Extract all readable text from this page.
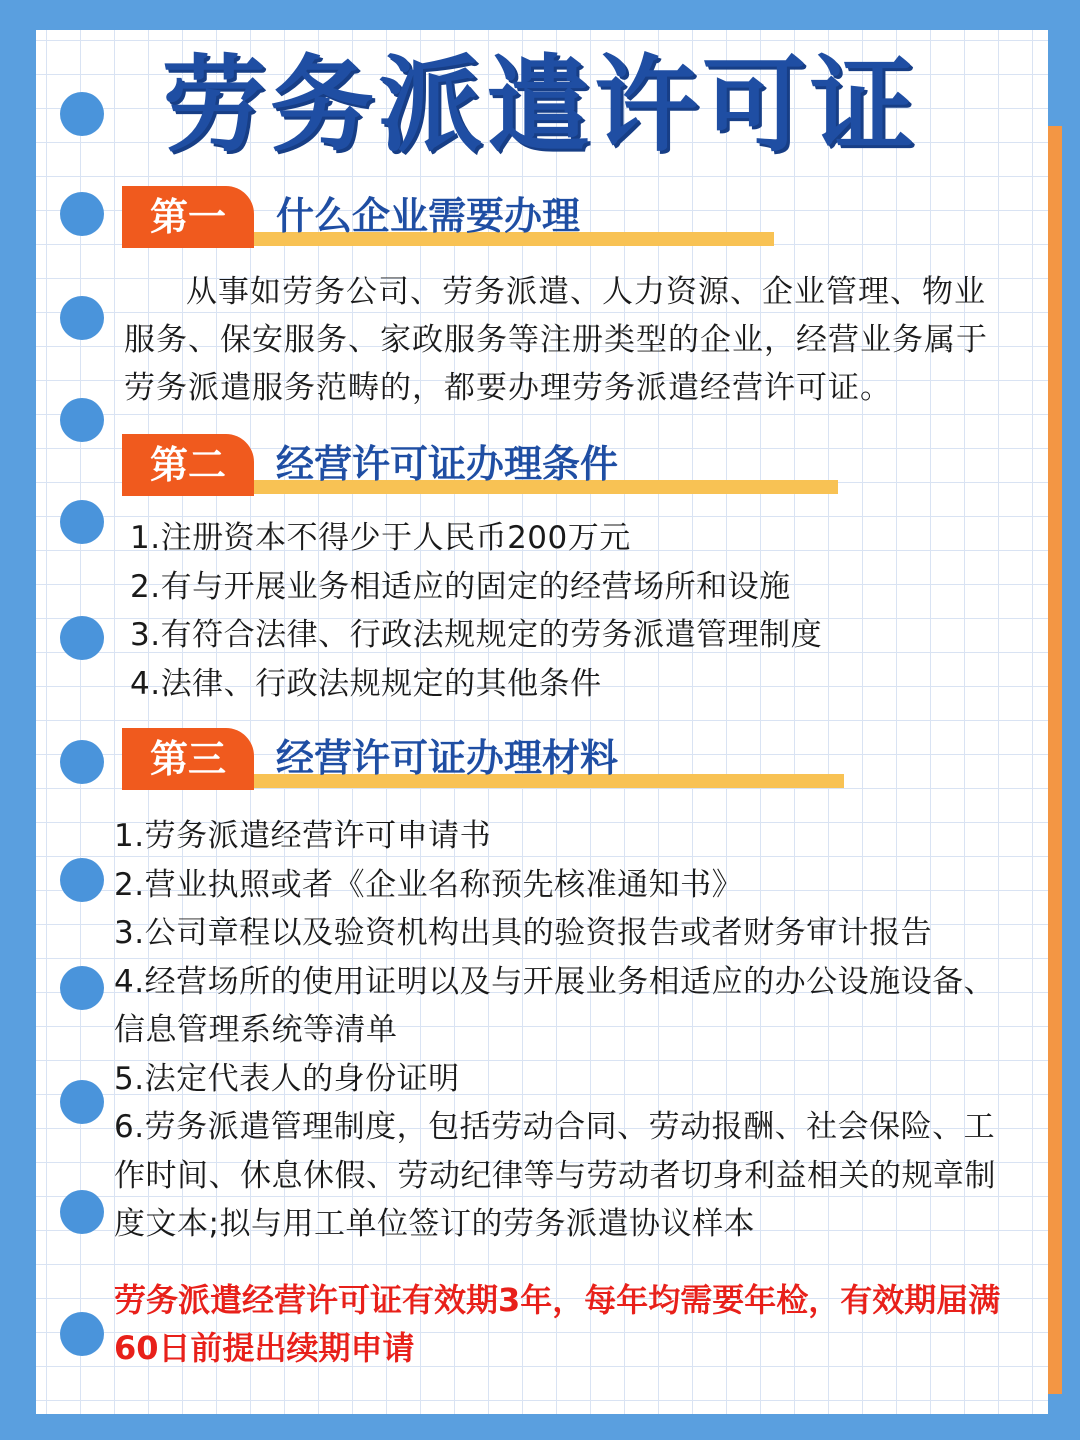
劳务派遣许可证
第一	什么企业需要办理
从事如劳务公司、劳务派遣、人力资源、企业管理、物业服务、保安服务、家政服务等注册类型的企业，经营业务属于劳务派遣服务范畴的，都要办理劳务派遣经营许可证。
第二	经营许可证办理条件
1.注册资本不得少于人民币200万元
2.有与开展业务相适应的固定的经营场所和设施
3.有符合法律、行政法规规定的劳务派遣管理制度
4.法律、行政法规规定的其他条件
第三	经营许可证办理材料
1.劳务派遣经营许可申请书
2.营业执照或者《企业名称预先核准通知书》
3.公司章程以及验资机构出具的验资报告或者财务审计报告
4.经营场所的使用证明以及与开展业务相适应的办公设施设备、信息管理系统等清单
5.法定代表人的身份证明
6.劳务派遣管理制度，包括劳动合同、劳动报酬、社会保险、工作时间、休息休假、劳动纪律等与劳动者切身利益相关的规章制度文本;拟与用工单位签订的劳务派遣协议样本
劳务派遣经营许可证有效期3年，每年均需要年检，有效期届满60日前提出续期申请
